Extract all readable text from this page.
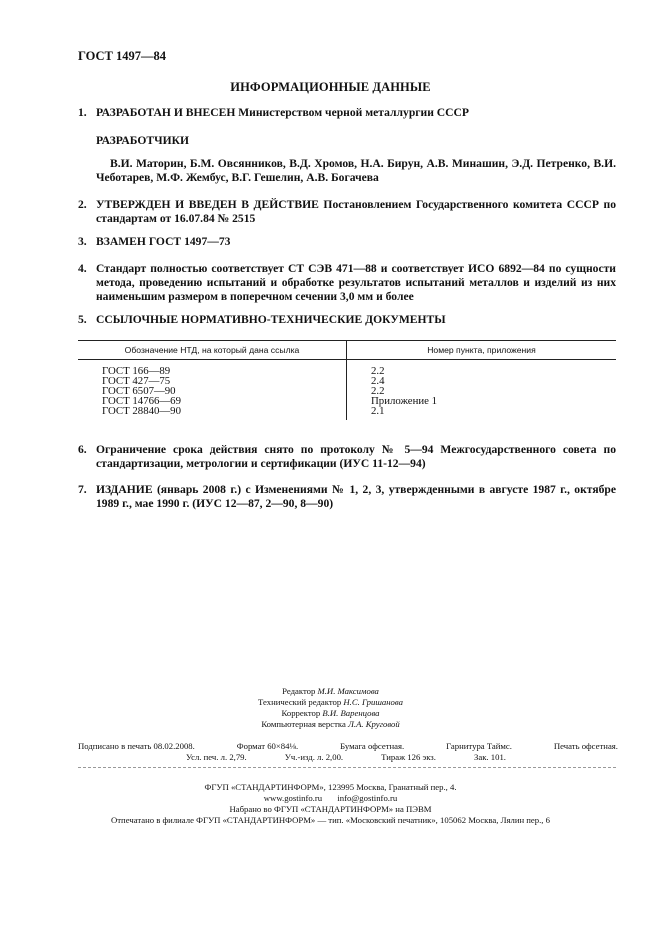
ГОСТ 1497—84
ИНФОРМАЦИОННЫЕ ДАННЫЕ
1. РАЗРАБОТАН И ВНЕСЕН Министерством черной металлургии СССР
РАЗРАБОТЧИКИ
В.И. Маторин, Б.М. Овсянников, В.Д. Хромов, Н.А. Бирун, А.В. Минашин, Э.Д. Петренко, В.И. Чеботарев, М.Ф. Жембус, В.Г. Гешелин, А.В. Богачева
2. УТВЕРЖДЕН И ВВЕДЕН В ДЕЙСТВИЕ Постановлением Государственного комитета СССР по стандартам от 16.07.84 № 2515
3. ВЗАМЕН ГОСТ 1497—73
4. Стандарт полностью соответствует СТ СЭВ 471—88 и соответствует ИСО 6892—84 по сущности метода, проведению испытаний и обработке результатов испытаний металлов и изделий из них наименьшим размером в поперечном сечении 3,0 мм и более
5. ССЫЛОЧНЫЕ НОРМАТИВНО-ТЕХНИЧЕСКИЕ ДОКУМЕНТЫ
Обозначение НТД, на который дана ссылка	Номер пункта, приложения
ГОСТ 166—89	2.2
ГОСТ 427—75	2.4
ГОСТ 6507—90	2.2
ГОСТ 14766—69	Приложение 1
ГОСТ 28840—90	2.1
6. Ограничение срока действия снято по протоколу № 5—94 Межгосударственного совета по стандартизации, метрологии и сертификации (ИУС 11-12—94)
7. ИЗДАНИЕ (январь 2008 г.) с Изменениями № 1, 2, 3, утвержденными в августе 1987 г., октябре 1989 г., мае 1990 г. (ИУС 12—87, 2—90, 8—90)
Редактор М.И. Максимова
Технический редактор Н.С. Гришанова
Корректор В.И. Варенцова
Компьютерная верстка Л.А. Круговой
Подписано в печать 08.02.2008.	Формат 60×84⅛.	Бумага офсетная.	Гарнитура Таймс.	Печать офсетная.
Усл. печ. л. 2,79.	Уч.-изд. л. 2,00.	Тираж 126 экз.	Зак. 101.
ФГУП «СТАНДАРТИНФОРМ», 123995 Москва, Гранатный пер., 4.
www.gostinfo.ru info@gostinfo.ru
Набрано во ФГУП «СТАНДАРТИНФОРМ» на ПЭВМ
Отпечатано в филиале ФГУП «СТАНДАРТИНФОРМ» — тип. «Московский печатник», 105062 Москва, Лялин пер., 6
